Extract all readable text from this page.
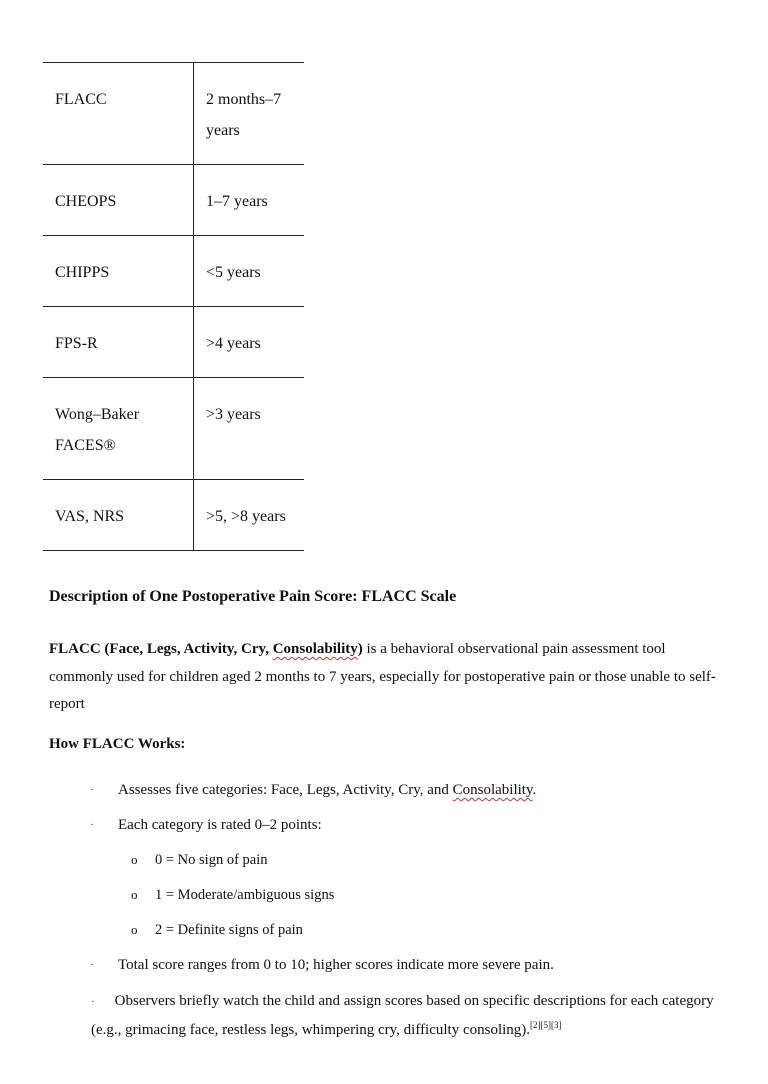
FLACC	2 months–7 years

CHEOPS	1–7 years

CHIPPS	<5 years

FPS-R	>4 years

Wong–Baker FACES®	>3 years

VAS, NRS	>5, >8 years
Description of One Postoperative Pain Score: FLACC Scale
FLACC (Face, Legs, Activity, Cry, Consolability) is a behavioral observational pain assessment tool commonly used for children aged 2 months to 7 years, especially for postoperative pain or those unable to self-report
How FLACC Works:
· Assesses five categories: Face, Legs, Activity, Cry, and Consolability.
· Each category is rated 0–2 points:
o 0 = No sign of pain
o 1 = Moderate/ambiguous signs
o 2 = Definite signs of pain
· Total score ranges from 0 to 10; higher scores indicate more severe pain.
· Observers briefly watch the child and assign scores based on specific descriptions for each category (e.g., grimacing face, restless legs, whimpering cry, difficulty consoling).[2][5][3]
